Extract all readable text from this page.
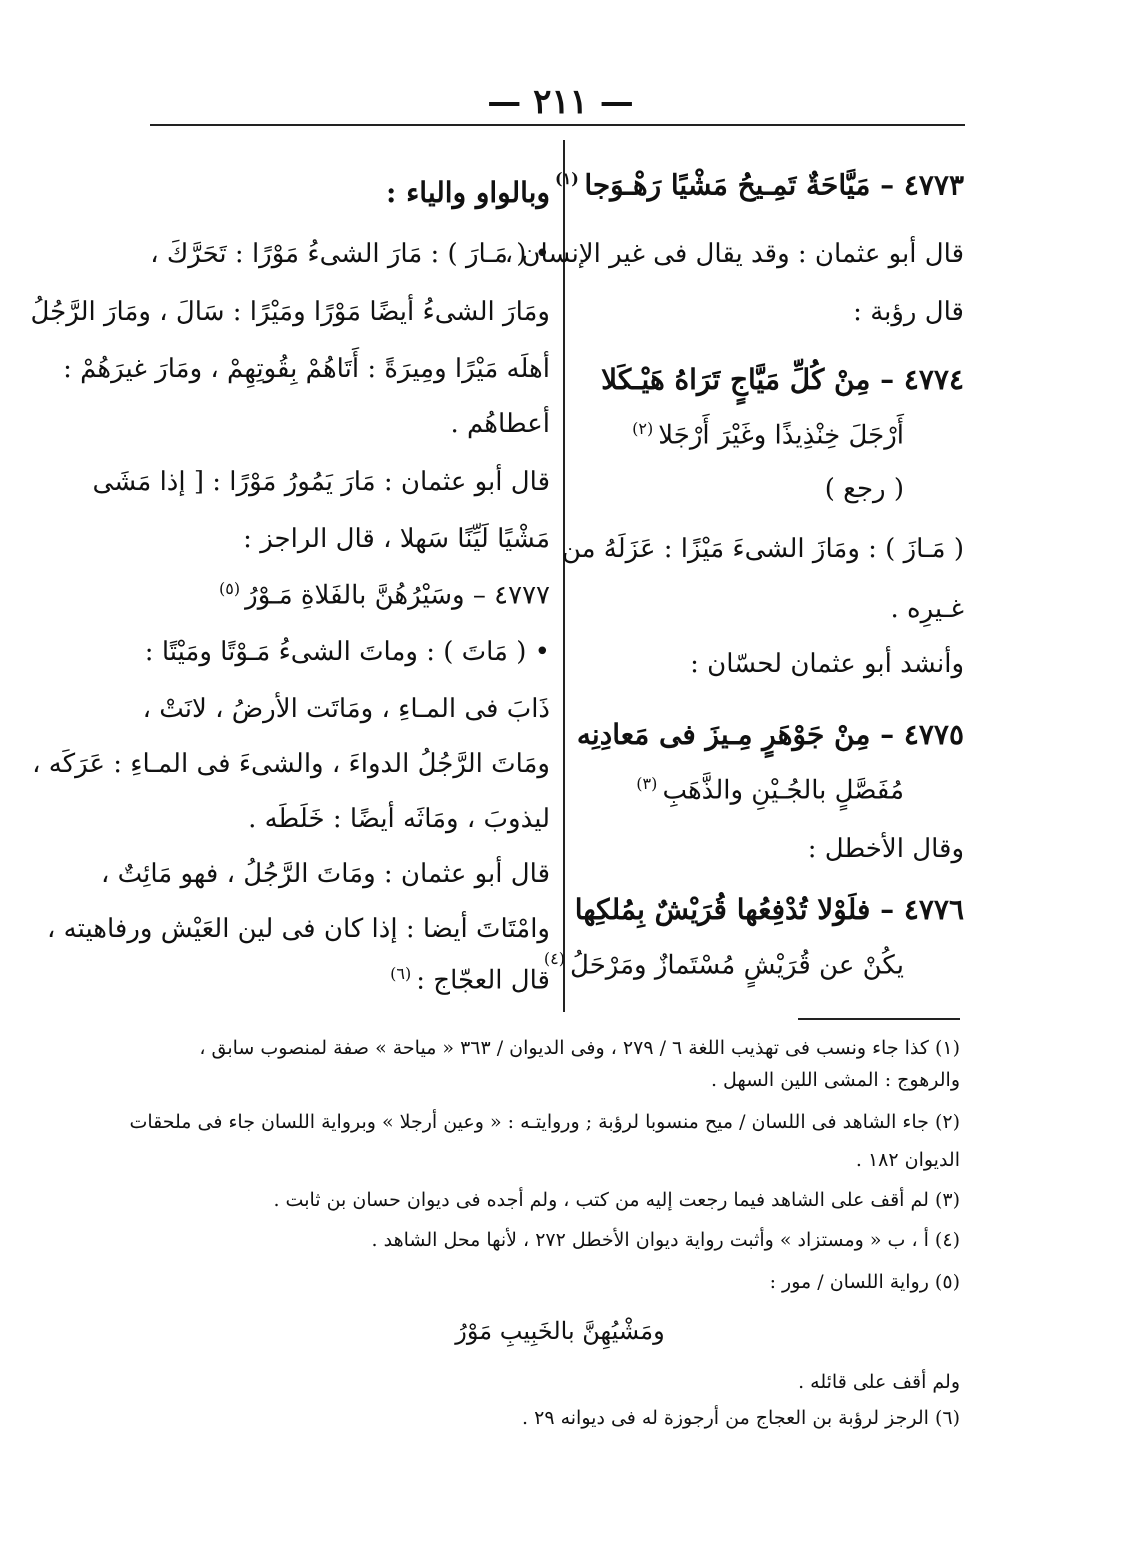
— ٢١١ —
٤٧٧٣ – مَيَّاحَةٌ تَمِـيحُ مَشْيًا رَهْـوَجا $^{(١)}$
قال أبو عثمان : وقد يقال فى غير الإنسان ،
قال رؤبة :
٤٧٧٤ – مِنْ كُلِّ مَيَّاجٍ تَرَاهُ هَيْـكَلا
أَرْجَلَ خِنْذِيذًا وغَيْرَ أَرْجَلا $^{(٢)}$
( رجع )
( مَـازَ ) : ومَازَ الشىءَ مَيْزًا : عَزَلَهُ من
غـيرِه .
وأنشد أبو عثمان لحسّان :
٤٧٧٥ – مِنْ جَوْهَرٍ مِـيزَ فى مَعادِنِه
مُفَصَّلٍ بالجُـيْنِ والذَّهَبِ $^{(٣)}$
وقال الأخطل :
٤٧٧٦ – فلَوْلا تُدْفِعُها قُرَيْشٌ بِمُلكِها
يكُنْ عن قُرَيْشٍ مُسْتَمازٌ ومَرْحَلُ $^{(٤)}$
وبالواو والياء :
• ( مَـارَ ) : مَارَ الشىءُ مَوْرًا : تَحَرَّكَ ،
ومَارَ الشىءُ أيضًا مَوْرًا ومَيْرًا : سَالَ ، ومَارَ الرَّجُلُ
أهلَه مَيْرًا ومِيرَةً : أَتَاهُمْ بِقُوتِهِمْ ، ومَارَ غيرَهُمْ :
أعطاهُم .
قال أبو عثمان : مَارَ يَمُورُ مَوْرًا : [ إذا مَشَى
مَشْيًا لَيِّنًا سَهلا ، قال الراجز :
٤٧٧٧ – وسَيْرُهُنَّ بالفَلاةِ مَـوْرُ $^{(٥)}$
• ( مَاتَ ) : وماتَ الشىءُ مَـوْتًا ومَيْتًا :
ذَابَ فى المـاءِ ، ومَاتَت الأرضُ ، لانَتْ ،
ومَاتَ الرَّجُلُ الدواءَ ، والشىءَ فى المـاءِ : عَرَكَه ،
ليذوبَ ، ومَاثَه أيضًا : خَلَطَه .
قال أبو عثمان : ومَاتَ الرَّجُلُ ، فهو مَائِتٌ ،
وامْتَاتَ أيضا : إذا كان فى لين العَيْش ورفاهيته ،
قال العجّاج : $^{(٦)}$
(١) كذا جاء ونسب فى تهذيب اللغة ٦ / ٢٧٩ ، وفى الديوان / ٣٦٣ « مياحة » صفة لمنصوب سابق ،
والرهوج : المشى اللين السهل .
(٢) جاء الشاهد فى اللسان / ميح منسوبا لرؤبة ; وروايتـه : « وعين أرجلا » وبرواية اللسان جاء فى ملحقات
الديوان ١٨٢ .
(٣) لم أقف على الشاهد فيما رجعت إليه من كتب ، ولم أجده فى ديوان حسان بن ثابت .
(٤) أ ، ب « ومستزاد » وأثبت رواية ديوان الأخطل ٢٧٢ ، لأنها محل الشاهد .
(٥) رواية اللسان / مور :
ومَشْيُهِنَّ بالخَبِيبِ مَوْرُ
ولم أقف على قائله .
(٦) الرجز لرؤبة بن العجاج من أرجوزة له فى ديوانه ٢٩ .
